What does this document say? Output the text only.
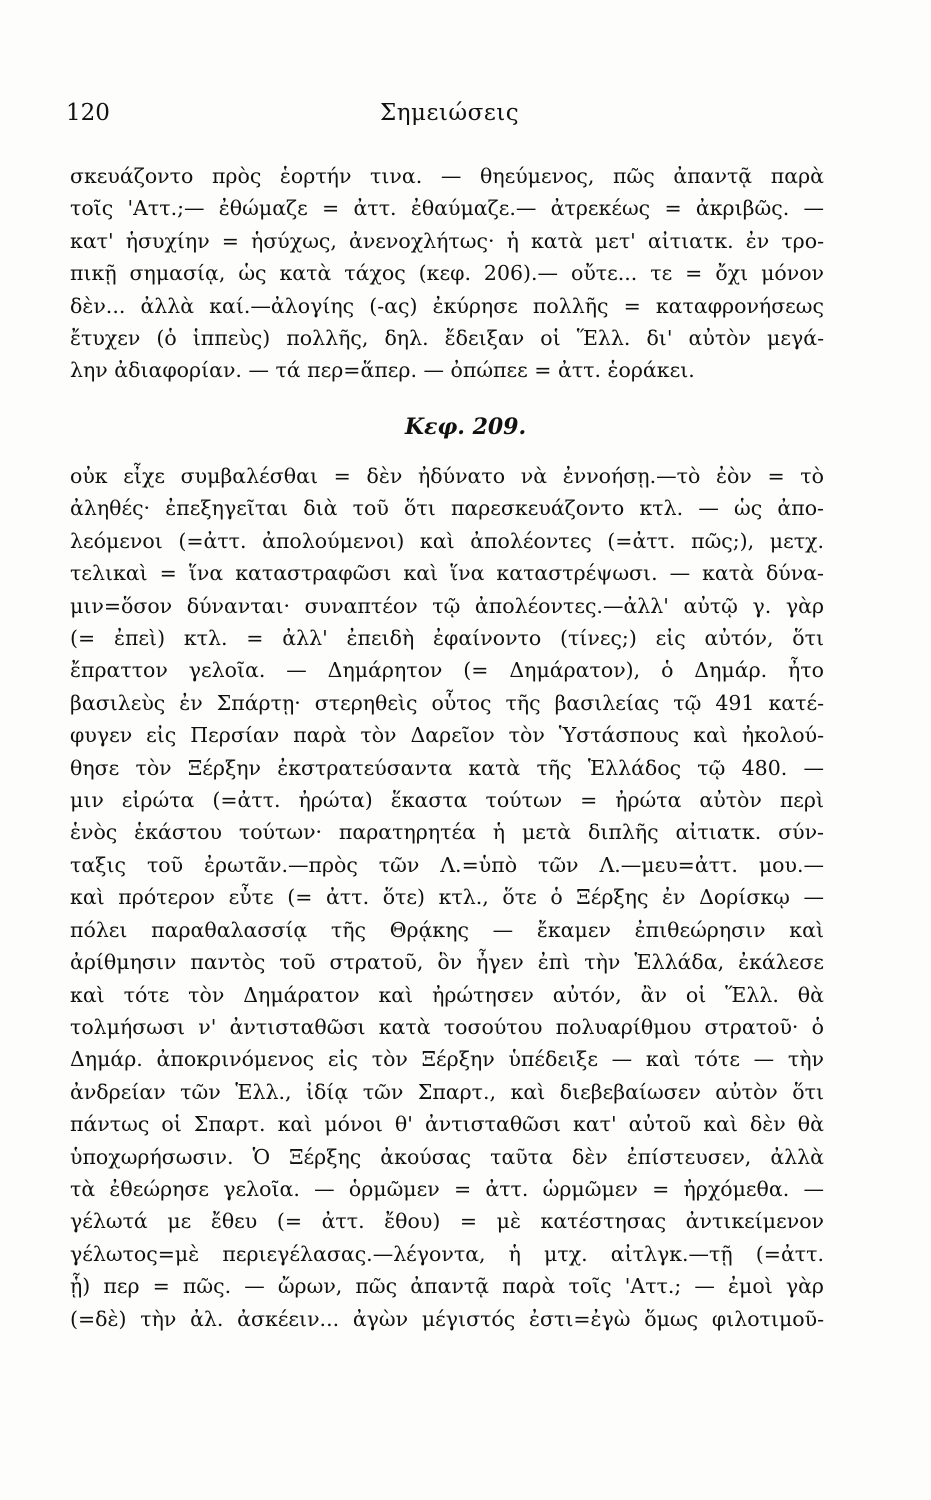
120	Σημειώσεις
σκευάζοντο πρὸς ἑορτήν τινα. — θηεύμενος, πῶς ἀπαντᾷ παρὰ
τοῖς 'Αττ.;— ἐθώμαζε = ἀττ. ἐθαύμαζε.— ἀτρεκέως = ἀκριβῶς. —
κατ' ἡσυχίην = ἡσύχως, ἀνενοχλήτως· ἡ κατὰ μετ' αἰτιατκ. ἐν τρο-
πικῇ σημασίᾳ, ὡς κατὰ τάχος (κεφ. 206).— οὔτε... τε = ὄχι μόνον
δὲν... ἀλλὰ καί.—ἀλογίης (-ας) ἐκύρησε πολλῆς = καταφρονήσεως
ἔτυχεν (ὁ ἱππεὺς) πολλῆς, δηλ. ἔδειξαν οἱ Ἕλλ. δι' αὐτὸν μεγά-
λην ἀδιαφορίαν. — τά περ=ἅπερ. — ὀπώπεε = ἀττ. ἑοράκει.
Κεφ. 209.
οὐκ εἶχε συμβαλέσθαι = δὲν ἠδύνατο νὰ ἐννοήσῃ.—τὸ ἐὸν = τὸ
ἀληθές· ἐπεξηγεῖται διὰ τοῦ ὅτι παρεσκευάζοντο κτλ. — ὡς ἀπο-
λεόμενοι (=ἀττ. ἀπολούμενοι) καὶ ἀπολέοντες (=ἀττ. πῶς;), μετχ.
τελικαὶ = ἵνα καταστραφῶσι καὶ ἵνα καταστρέψωσι. — κατὰ δύνα-
μιν=ὅσον δύνανται· συναπτέον τῷ ἀπολέοντες.—ἀλλ' αὐτῷ γ. γὰρ
(= ἐπεὶ) κτλ. = ἀλλ' ἐπειδὴ ἐφαίνοντο (τίνες;) εἰς αὐτόν, ὅτι
ἔπραττον γελοῖα. — Δημάρητον (= Δημάρατον), ὁ Δημάρ. ἦτο
βασιλεὺς ἐν Σπάρτῃ· στερηθεὶς οὗτος τῆς βασιλείας τῷ 491 κατέ-
φυγεν εἰς Περσίαν παρὰ τὸν Δαρεῖον τὸν Ὑστάσπους καὶ ἠκολού-
θησε τὸν Ξέρξην ἐκστρατεύσαντα κατὰ τῆς Ἑλλάδος τῷ 480. —
μιν εἰρώτα (=ἀττ. ἠρώτα) ἕκαστα τούτων = ἠρώτα αὐτὸν περὶ
ἑνὸς ἑκάστου τούτων· παρατηρητέα ἡ μετὰ διπλῆς αἰτιατκ. σύν-
ταξις τοῦ ἐρωτᾶν.—πρὸς τῶν Λ.=ὑπὸ τῶν Λ.—μευ=ἀττ. μου.—
καὶ πρότερον εὖτε (= ἀττ. ὅτε) κτλ., ὅτε ὁ Ξέρξης ἐν Δορίσκῳ —
πόλει παραθαλασσίᾳ τῆς Θρᾴκης — ἔκαμεν ἐπιθεώρησιν καὶ
ἀρίθμησιν παντὸς τοῦ στρατοῦ, ὃν ἦγεν ἐπὶ τὴν Ἑλλάδα, ἐκάλεσε
καὶ τότε τὸν Δημάρατον καὶ ἠρώτησεν αὐτόν, ἂν οἱ Ἕλλ. θὰ
τολμήσωσι ν' ἀντισταθῶσι κατὰ τοσούτου πολυαρίθμου στρατοῦ· ὁ
Δημάρ. ἀποκρινόμενος εἰς τὸν Ξέρξην ὑπέδειξε — καὶ τότε — τὴν
ἀνδρείαν τῶν Ἑλλ., ἰδίᾳ τῶν Σπαρτ., καὶ διεβεβαίωσεν αὐτὸν ὅτι
πάντως οἱ Σπαρτ. καὶ μόνοι θ' ἀντισταθῶσι κατ' αὐτοῦ καὶ δὲν θὰ
ὑποχωρήσωσιν. Ὁ Ξέρξης ἀκούσας ταῦτα δὲν ἐπίστευσεν, ἀλλὰ
τὰ ἐθεώρησε γελοῖα. — ὁρμῶμεν = ἀττ. ὡρμῶμεν = ἠρχόμεθα. —
γέλωτά με ἔθευ (= ἀττ. ἔθου) = μὲ κατέστησας ἀντικείμενον
γέλωτος=μὲ περιεγέλασας.—λέγοντα, ἡ μτχ. αἰτλγκ.—τῇ (=ἀττ.
ᾗ) περ = πῶς. — ὤρων, πῶς ἀπαντᾷ παρὰ τοῖς 'Αττ.; — ἐμοὶ γὰρ
(=δὲ) τὴν ἀλ. ἀσκέειν... ἀγὼν μέγιστός ἐστι=ἐγὼ ὅμως φιλοτιμοῦ-
